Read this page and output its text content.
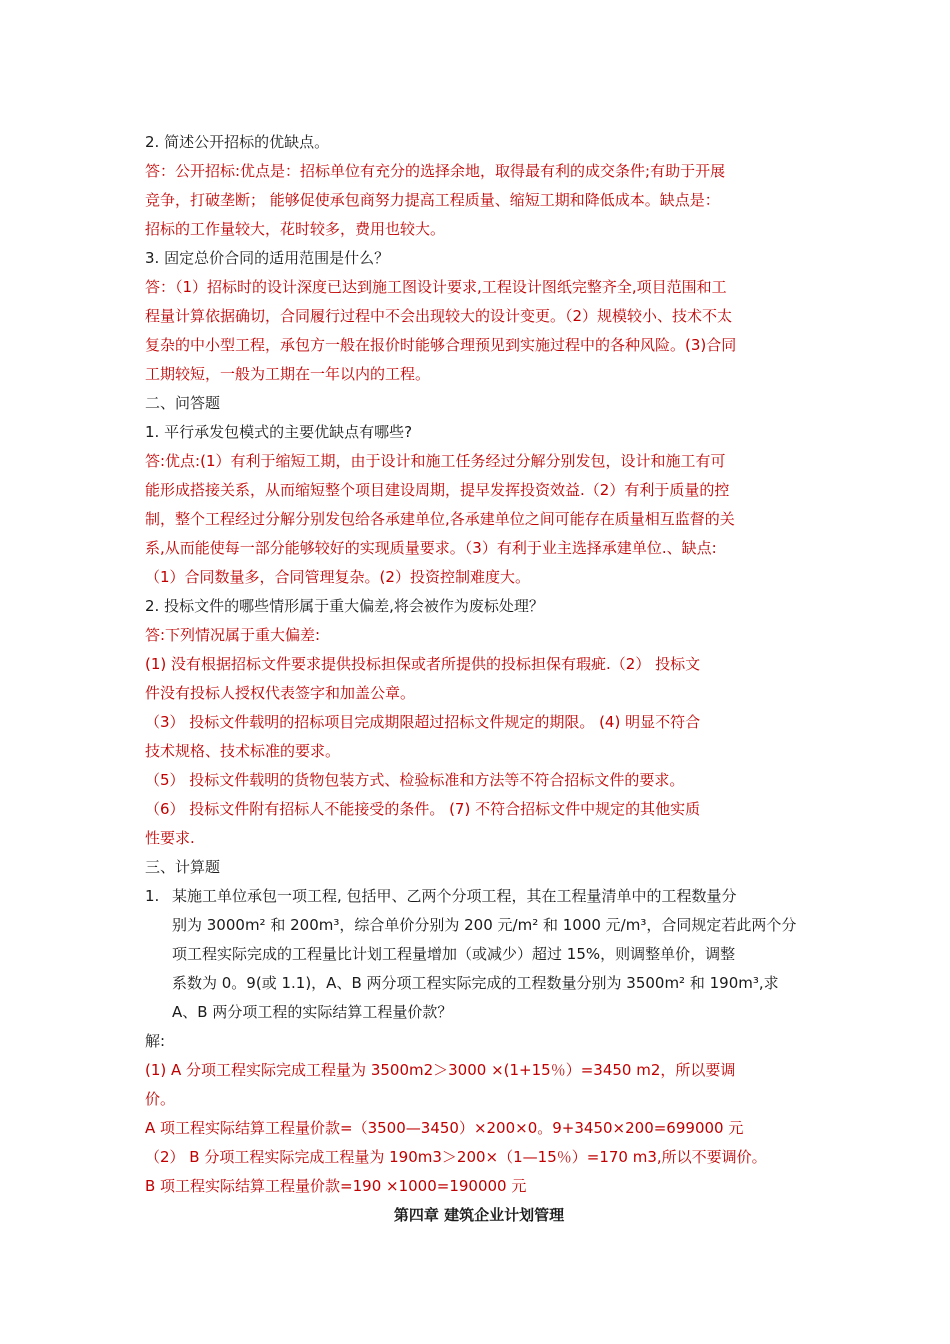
2. 简述公开招标的优缺点。
答：公开招标:优点是：招标单位有充分的选择余地，取得最有利的成交条件;有助于开展
竞争，打破垄断； 能够促使承包商努力提高工程质量、缩短工期和降低成本。缺点是：
招标的工作量较大，花时较多，费用也较大。
3. 固定总价合同的适用范围是什么？
答：（1）招标时的设计深度已达到施工图设计要求,工程设计图纸完整齐全,项目范围和工
程量计算依据确切，合同履行过程中不会出现较大的设计变更。（2）规模较小、技术不太
复杂的中小型工程，承包方一般在报价时能够合理预见到实施过程中的各种风险。(3)合同
工期较短，一般为工期在一年以内的工程。
二、问答题
1. 平行承发包模式的主要优缺点有哪些?
答:优点:(1）有利于缩短工期，由于设计和施工任务经过分解分别发包，设计和施工有可
能形成搭接关系，从而缩短整个项目建设周期，提早发挥投资效益.（2）有利于质量的控
制，整个工程经过分解分别发包给各承建单位,各承建单位之间可能存在质量相互监督的关
系,从而能使每一部分能够较好的实现质量要求。（3）有利于业主选择承建单位.、缺点:
（1）合同数量多，合同管理复杂。(2）投资控制难度大。
2. 投标文件的哪些情形属于重大偏差,将会被作为废标处理？
答:下列情况属于重大偏差:
(1) 没有根据招标文件要求提供投标担保或者所提供的投标担保有瑕疵.（2） 投标文
件没有投标人授权代表签字和加盖公章。
（3） 投标文件载明的招标项目完成期限超过招标文件规定的期限。 (4) 明显不符合
技术规格、技术标准的要求。
（5） 投标文件载明的货物包装方式、检验标准和方法等不符合招标文件的要求。
（6） 投标文件附有招标人不能接受的条件。 (7) 不符合招标文件中规定的其他实质
性要求.
三、计算题
1. 某施工单位承包一项工程, 包括甲、乙两个分项工程，其在工程量清单中的工程数量分
别为 3000m² 和 200m³，综合单价分别为 200 元/m² 和 1000 元/m³，合同规定若此两个分
项工程实际完成的工程量比计划工程量增加（或减少）超过 15%，则调整单价，调整
系数为 0。9(或 1.1)，A、B 两分项工程实际完成的工程数量分别为 3500m² 和 190m³,求
A、B 两分项工程的实际结算工程量价款？
解:
(1) A 分项工程实际完成工程量为 3500m2＞3000 ×(1+15％）=3450 m2，所以要调
价。
A 项工程实际结算工程量价款=（3500—3450）×200×0。9+3450×200=699000 元
（2） B 分项工程实际完成工程量为 190m3＞200×（1—15％）=170 m3,所以不要调价。
B 项工程实际结算工程量价款=190 ×1000=190000 元
第四章 建筑企业计划管理
